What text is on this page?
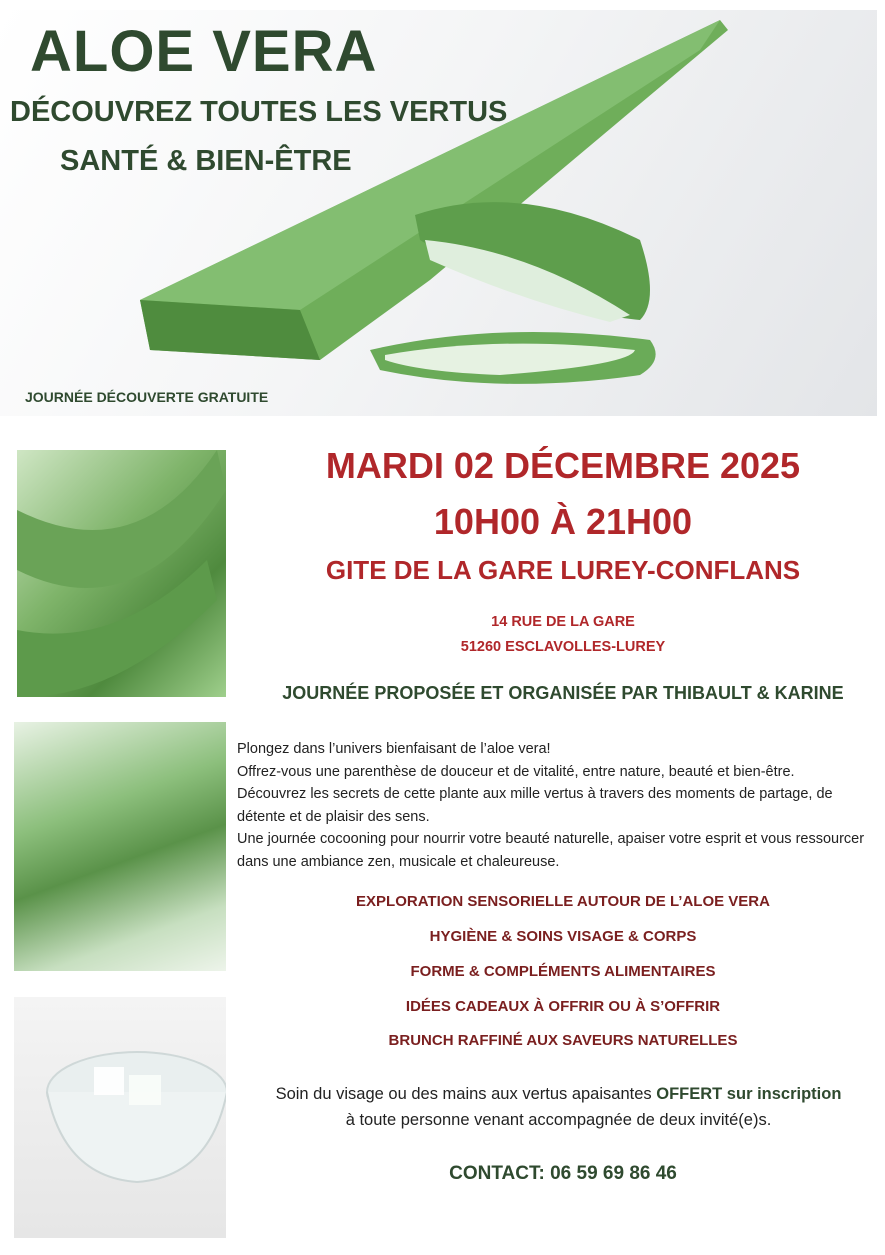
ALOE VERA
DÉCOUVREZ TOUTES LES VERTUS
SANTÉ & BIEN-ÊTRE
JOURNÉE DÉCOUVERTE GRATUITE
MARDI 02 DÉCEMBRE 2025
10H00 À 21H00
GITE DE LA GARE LUREY-CONFLANS
14 RUE DE LA GARE
51260 ESCLAVOLLES-LUREY
JOURNÉE PROPOSÉE ET ORGANISÉE PAR THIBAULT & KARINE
Plongez dans l’univers bienfaisant de l’aloe vera!
Offrez-vous une parenthèse de douceur et de vitalité, entre nature, beauté et bien-être.
Découvrez les secrets de cette plante aux mille vertus à travers des moments de partage, de détente et de plaisir des sens.
Une journée cocooning pour nourrir votre beauté naturelle, apaiser votre esprit et vous ressourcer dans une ambiance zen, musicale et chaleureuse.
EXPLORATION SENSORIELLE AUTOUR DE L’ALOE VERA
HYGIÈNE & SOINS VISAGE & CORPS
FORME & COMPLÉMENTS ALIMENTAIRES
IDÉES CADEAUX À OFFRIR OU À S’OFFRIR
BRUNCH RAFFINÉ AUX SAVEURS NATURELLES
Soin du visage ou des mains aux vertus apaisantes OFFERT sur inscription
à toute personne venant accompagnée de deux invité(e)s.
CONTACT: 06 59 69 86 46
